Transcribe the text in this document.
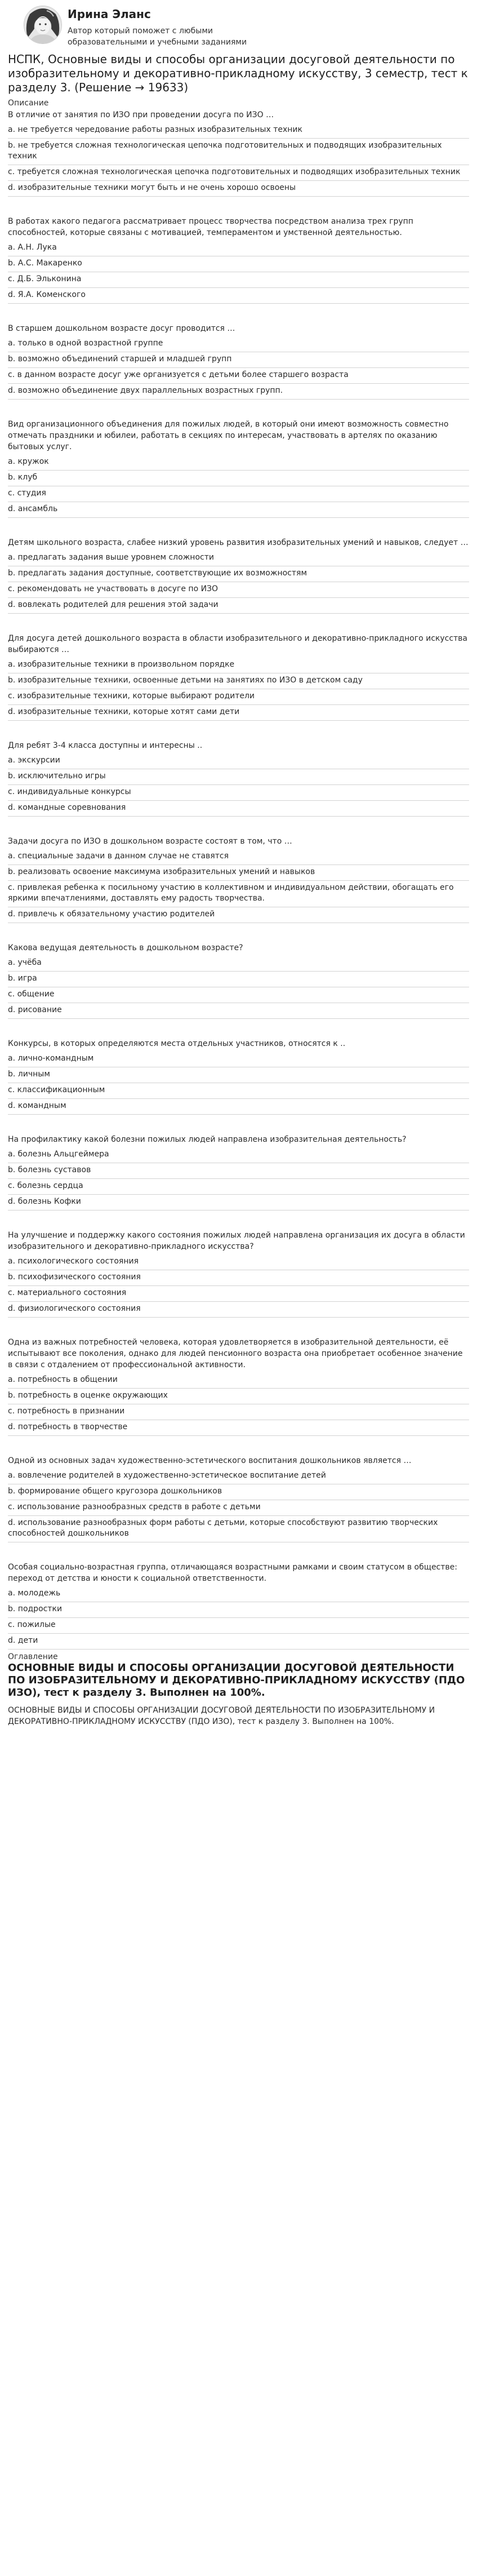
Ирина Эланс
Автор который поможет с любыми образовательными и учебными заданиями
НСПК, Основные виды и способы организации досуговой деятельности по изобразительному и декоративно-прикладному искусству, 3 семестр, тест к разделу 3. (Решение → 19633)
Описание
В отличие от занятия по ИЗО при проведении досуга по ИЗО …
a. не требуется чередование работы разных изобразительных техник
b. не требуется сложная технологическая цепочка подготовительных и подводящих изобразительных техник
c. требуется сложная технологическая цепочка подготовительных и подводящих изобразительных техник
d. изобразительные техники могут быть и не очень хорошо освоены
В работах какого педагога рассматривает процесс творчества посредством анализа трех групп способностей, которые связаны с мотивацией, темпераментом и умственной деятельностью.
a. А.Н. Лука
b. А.С. Макаренко
c. Д.Б. Эльконина
d. Я.А. Коменского
В старшем дошкольном возрасте досуг проводится …
a. только в одной возрастной группе
b. возможно объединений старшей и младшей групп
c. в данном возрасте досуг уже организуется с детьми более старшего возраста
d. возможно объединение двух параллельных возрастных групп.
Вид организационного объединения для пожилых людей, в который они имеют возможность совместно отмечать праздники и юбилеи, работать в секциях по интересам, участвовать в артелях по оказанию бытовых услуг.
a. кружок
b. клуб
c. студия
d. ансамбль
Детям школьного возраста, слабее низкий уровень развития изобразительных умений и навыков, следует …
a. предлагать задания выше уровнем сложности
b. предлагать задания доступные, соответствующие их возможностям
c. рекомендовать не участвовать в досуге по ИЗО
d. вовлекать родителей для решения этой задачи
Для досуга детей дошкольного возраста в области изобразительного и декоративно-прикладного искусства выбираются …
a. изобразительные техники в произвольном порядке
b. изобразительные техники, освоенные детьми на занятиях по ИЗО в детском саду
c. изобразительные техники, которые выбирают родители
d. изобразительные техники, которые хотят сами дети
Для ребят 3-4 класса доступны и интересны ..
a. экскурсии
b. исключительно игры
c. индивидуальные конкурсы
d. командные соревнования
Задачи досуга по ИЗО в дошкольном возрасте состоят в том, что …
a. специальные задачи в данном случае не ставятся
b. реализовать освоение максимума изобразительных умений и навыков
c. привлекая ребенка к посильному участию в коллективном и индивидуальном действии, обогащать его яркими впечатлениями, доставлять ему радость творчества.
d. привлечь к обязательному участию родителей
Какова ведущая деятельность в дошкольном возрасте?
a. учёба
b. игра
c. общение
d. рисование
Конкурсы, в которых определяются места отдельных участников, относятся к ..
a. лично-командным
b. личным
c. классификационным
d. командным
На профилактику какой болезни пожилых людей направлена изобразительная деятельность?
a. болезнь Альцгеймера
b. болезнь суставов
c. болезнь сердца
d. болезнь Кофки
На улучшение и поддержку какого состояния пожилых людей направлена организация их досуга в области изобразительного и декоративно-прикладного искусства?
a. психологического состояния
b. психофизического состояния
c. материального состояния
d. физиологического состояния
Одна из важных потребностей человека, которая удовлетворяется в изобразительной деятельности, её испытывают все поколения, однако для людей пенсионного возраста она приобретает особенное значение в связи с отдалением от профессиональной активности.
a. потребность в общении
b. потребность в оценке окружающих
c. потребность в признании
d. потребность в творчестве
Одной из основных задач художественно-эстетического воспитания дошкольников является …
a. вовлечение родителей в художественно-эстетическое воспитание детей
b. формирование общего кругозора дошкольников
c. использование разнообразных средств в работе с детьми
d. использование разнообразных форм работы с детьми, которые способствуют развитию творческих способностей дошкольников
Особая социально-возрастная группа, отличающаяся возрастными рамками и своим статусом в обществе: переход от детства и юности к социальной ответственности.
a. молодежь
b. подростки
c. пожилые
d. дети
Оглавление
ОСНОВНЫЕ ВИДЫ И СПОСОБЫ ОРГАНИЗАЦИИ ДОСУГОВОЙ ДЕЯТЕЛЬНОСТИ ПО ИЗОБРАЗИТЕЛЬНОМУ И ДЕКОРАТИВНО-ПРИКЛАДНОМУ ИСКУССТВУ (ПДО ИЗО), тест к разделу 3. Выполнен на 100%.
ОСНОВНЫЕ ВИДЫ И СПОСОБЫ ОРГАНИЗАЦИИ ДОСУГОВОЙ ДЕЯТЕЛЬНОСТИ ПО ИЗОБРАЗИТЕЛЬНОМУ И ДЕКОРАТИВНО-ПРИКЛАДНОМУ ИСКУССТВУ (ПДО ИЗО), тест к разделу 3. Выполнен на 100%.
